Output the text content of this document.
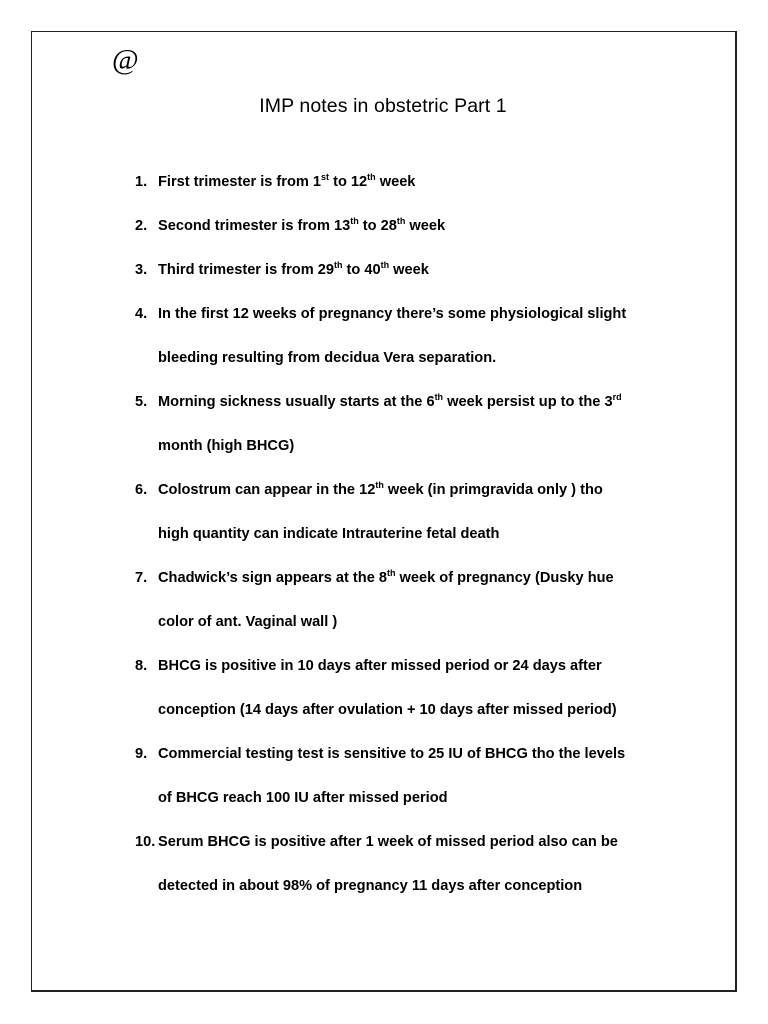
@
IMP notes in obstetric Part 1
1. First trimester is from 1st to 12th week
2. Second trimester is from 13th to 28th week
3. Third trimester is from 29th to 40th week
4. In the first 12 weeks of pregnancy there’s some physiological slight
bleeding resulting from decidua Vera separation.
5. Morning sickness usually starts at the 6th week persist up to the 3rd
month (high BHCG)
6. Colostrum can appear in the 12th week (in primgravida only ) tho
high quantity can indicate Intrauterine fetal death
7. Chadwick’s sign appears at the 8th week of pregnancy (Dusky hue
color of ant. Vaginal wall )
8. BHCG is positive in 10 days after missed period or 24 days after
conception (14 days after ovulation + 10 days after missed period)
9. Commercial testing test is sensitive to 25 IU of BHCG tho the levels
of BHCG reach 100 IU after missed period
10. Serum BHCG is positive after 1 week of missed period also can be
detected in about 98% of pregnancy 11 days after conception
